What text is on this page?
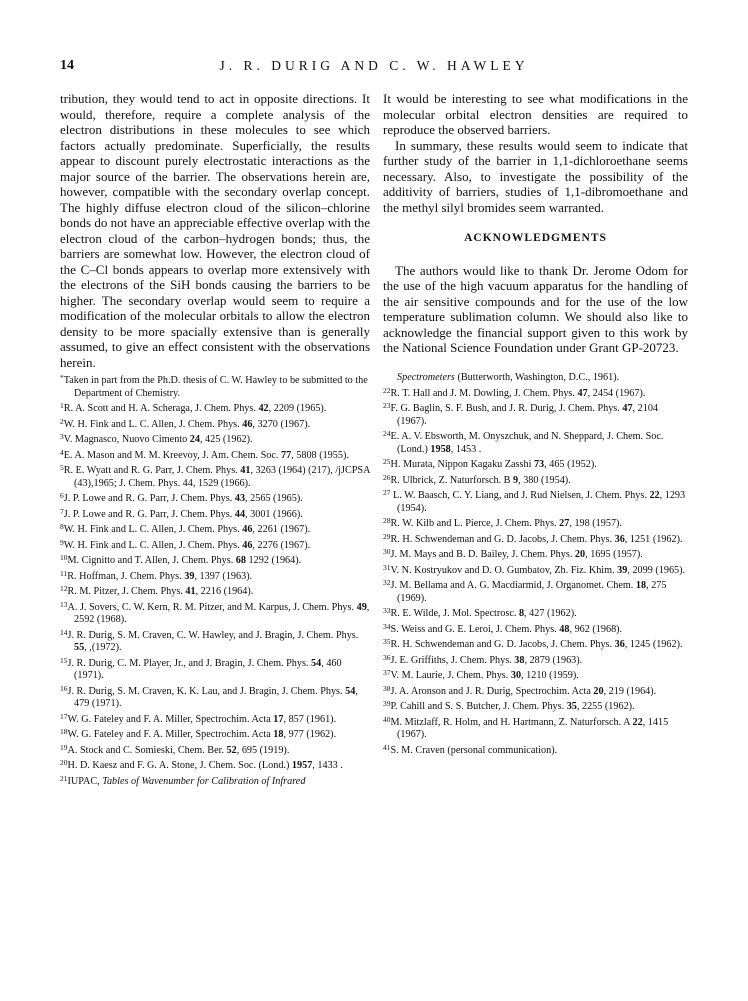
14	J. R. DURIG AND C. W. HAWLEY

tribution, they would tend to act in opposite directions. It would, therefore, require a complete analysis of the electron distributions in these molecules to see which factors actually predominate. Superficially, the results appear to discount purely electrostatic interactions as the major source of the barrier. The observations herein are, however, compatible with the secondary overlap concept. The highly diffuse electron cloud of the silicon–chlorine bonds do not have an appreciable effective overlap with the electron cloud of the carbon–hydrogen bonds; thus, the barriers are somewhat low. However, the electron cloud of the C–Cl bonds appears to overlap more extensively with the electrons of the SiH bonds causing the barriers to be higher. The secondary overlap would seem to require a modification of the molecular orbitals to allow the electron density to be more spacially extensive than is generally assumed, to give an effect consistent with the observations herein.

It would be interesting to see what modifications in the molecular orbital electron densities are required to reproduce the observed barriers.

In summary, these results would seem to indicate that further study of the barrier in 1,1-dichloroethane seems necessary. Also, to investigate the possibility of the additivity of barriers, studies of 1,1-dibromoethane and the methyl silyl bromides seem warranted.

ACKNOWLEDGMENTS

The authors would like to thank Dr. Jerome Odom for the use of the high vacuum apparatus for the handling of the air sensitive compounds and for the use of the low temperature sublimation column. We should also like to acknowledge the financial support given to this work by the National Science Foundation under Grant GP-20723.

*Taken in part from the Ph.D. thesis of C. W. Hawley to be submitted to the Department of Chemistry.

$^1$R. A. Scott and H. A. Scheraga, J. Chem. Phys. 42, 2209 (1965).

$^2$W. H. Fink and L. C. Allen, J. Chem. Phys. 46, 3270 (1967).

$^3$V. Magnasco, Nuovo Cimento 24, 425 (1962).

$^4$E. A. Mason and M. M. Kreevoy, J. Am. Chem. Soc. 77, 5808 (1955).

$^5$R. E. Wyatt and R. G. Parr, J. Chem. Phys. 41, 3263 (1964) (217), /jJCPSA (43),1965; J. Chem. Phys. 44, 1529 (1966).

$^6$J. P. Lowe and R. G. Parr, J. Chem. Phys. 43, 2565 (1965).

$^7$J. P. Lowe and R. G. Parr, J. Chem. Phys. 44, 3001 (1966).

$^8$W. H. Fink and L. C. Allen, J. Chem. Phys. 46, 2261 (1967).

$^9$W. H. Fink and L. C. Allen, J. Chem. Phys. 46, 2276 (1967).

$^{10}$M. Cignitto and T. Allen, J. Chem. Phys. 68 1292 (1964).

$^{11}$R. Hoffman, J. Chem. Phys. 39, 1397 (1963).

$^{12}$R. M. Pitzer, J. Chem. Phys. 41, 2216 (1964).

$^{13}$A. J. Sovers, C. W. Kern, R. M. Pitzer, and M. Karpus, J. Chem. Phys. 49, 2592 (1968).

$^{14}$J. R. Durig, S. M. Craven, C. W. Hawley, and J. Bragin, J. Chem. Phys. 55, ,(1972).

$^{15}$J. R. Durig, C. M. Player, Jr., and J. Bragin, J. Chem. Phys. 54, 460 (1971).

$^{16}$J. R. Durig, S. M. Craven, K. K. Lau, and J. Bragin, J. Chem. Phys. 54, 479 (1971).

$^{17}$W. G. Fateley and F. A. Miller, Spectrochim. Acta 17, 857 (1961).

$^{18}$W. G. Fateley and F. A. Miller, Spectrochim. Acta 18, 977 (1962).

$^{19}$A. Stock and C. Somieski, Chem. Ber. 52, 695 (1919).

$^{20}$H. D. Kaesz and F. G. A. Stone, J. Chem. Soc. (Lond.) 1957, 1433 .

$^{21}$IUPAC, Tables of Wavenumber for Calibration of Infrared

Spectrometers (Butterworth, Washington, D.C., 1961).

$^{22}$R. T. Hall and J. M. Dowling, J. Chem. Phys. 47, 2454 (1967).

$^{23}$F. G. Baglin, S. F. Bush, and J. R. Durig, J. Chem. Phys. 47, 2104 (1967).

$^{24}$E. A. V. Ebsworth, M. Onyszchuk, and N. Sheppard, J. Chem. Soc. (Lond.) 1958, 1453 .

$^{25}$H. Murata, Nippon Kagaku Zasshi 73, 465 (1952).

$^{26}$R. Ulbrick, Z. Naturforsch. B 9, 380 (1954).

$^{27}$ L. W. Baasch, C. Y. Liang, and J. Rud Nielsen, J. Chem. Phys. 22, 1293 (1954).

$^{28}$R. W. Kilb and L. Pierce, J. Chem. Phys. 27, 198 (1957).

$^{29}$R. H. Schwendeman and G. D. Jacobs, J. Chem. Phys. 36, 1251 (1962).

$^{30}$J. M. Mays and B. D. Bailey, J. Chem. Phys. 20, 1695 (1957).

$^{31}$V. N. Kostryukov and D. O. Gumbatov, Zh. Fiz. Khim. 39, 2099 (1965).

$^{32}$J. M. Bellama and A. G. Macdiarmid, J. Organomet. Chem. 18, 275 (1969).

$^{33}$R. E. Wilde, J. Mol. Spectrosc. 8, 427 (1962).

$^{34}$S. Weiss and G. E. Leroi, J. Chem. Phys. 48, 962 (1968).

$^{35}$R. H. Schwendeman and G. D. Jacobs, J. Chem. Phys. 36, 1245 (1962).

$^{36}$J. E. Griffiths, J. Chem. Phys. 38, 2879 (1963).

$^{37}$V. M. Laurie, J. Chem. Phys. 30, 1210 (1959).

$^{38}$J. A. Aronson and J. R. Durig, Spectrochim. Acta 20, 219 (1964).

$^{39}$P. Cahill and S. S. Butcher, J. Chem. Phys. 35, 2255 (1962).

$^{40}$M. Mitzlaff, R. Holm, and H. Hartmann, Z. Naturforsch. A 22, 1415 (1967).

$^{41}$S. M. Craven (personal communication).
